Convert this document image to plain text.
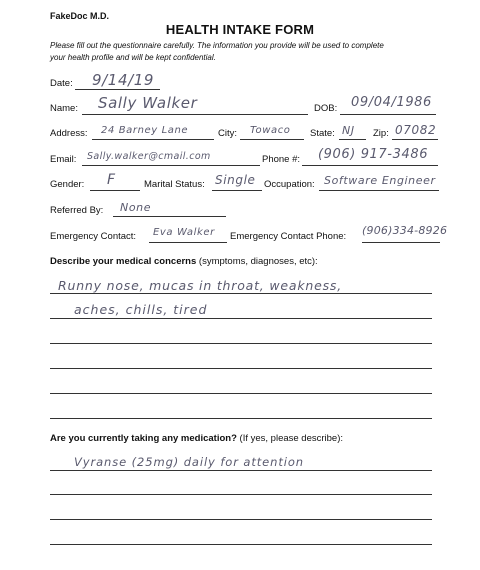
FakeDoc M.D.
HEALTH INTAKE FORM
Please fill out the questionnaire carefully. The information you provide will be used to complete
your health profile and will be kept confidential.
Date: 9/14/19
Name: Sally Walker	DOB: 09/04/1986
Address: 24 Barney Lane	City: Towaco State: NJ Zip: 07082
Email: Sally.walker@cmail.com	Phone #: (906) 917-3486
Gender: F	Marital Status: Single Occupation: Software Engineer
Referred By: None
Emergency Contact: Eva Walker Emergency Contact Phone: (906)334-8926
Describe your medical concerns (symptoms, diagnoses, etc):
Runny nose, mucas in throat, weakness,
aches, chills, tired
Are you currently taking any medication? (If yes, please describe):
Vyranse (25mg) daily for attention
